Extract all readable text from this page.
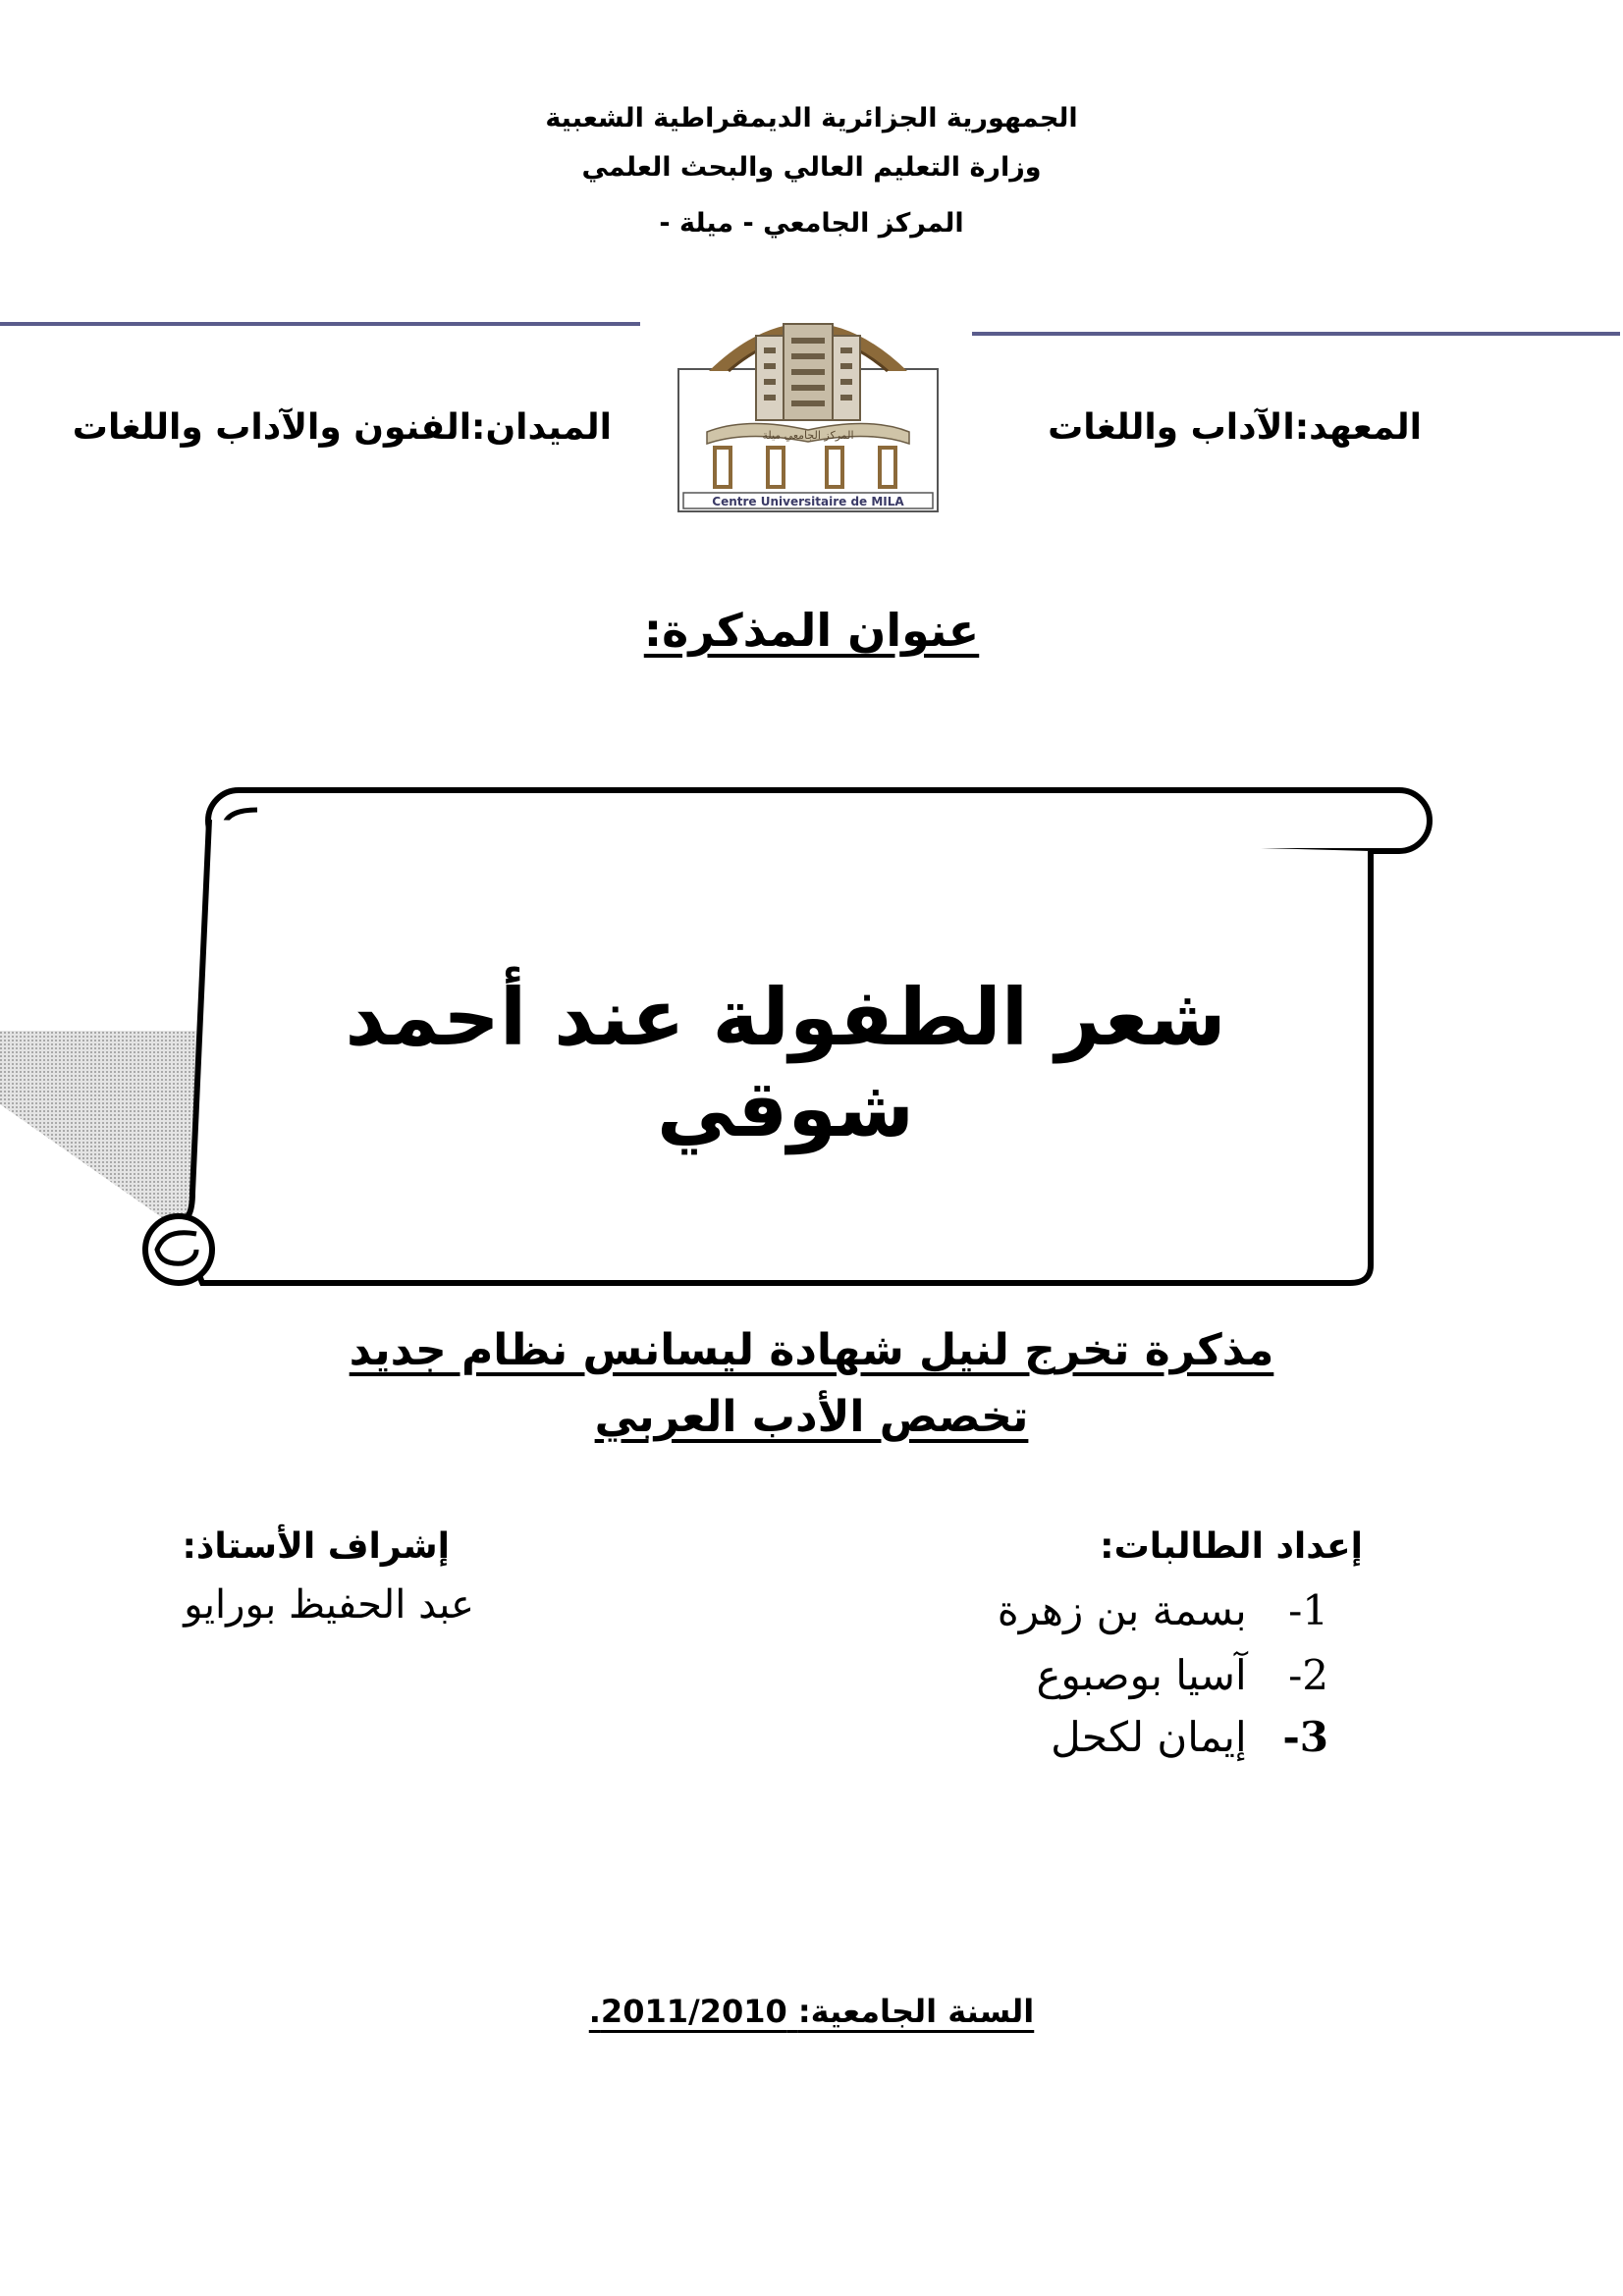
الجمهورية الجزائرية الديمقراطية الشعبية
وزارة التعليم العالي والبحث العلمي
المركز الجامعي - ميلة -
المعهد:الآداب واللغات
الميدان:الفنون والآداب واللغات	المركز الجامعي ميلة
Centre Universitaire de MILA
عنوان المذكرة:
شعر الطفولة عند أحمد شوقي
مذكرة تخرج لنيل شهادة ليسانس نظام جديد
تخصص الأدب العربي
إعداد الطالبات:
1- بسمة بن زهرة
2- آسيا بوصبوع
3- إيمان لكحل
إشراف الأستاذ:
عبد الحفيظ بورايو
السنة الجامعية: 2011/2010.
